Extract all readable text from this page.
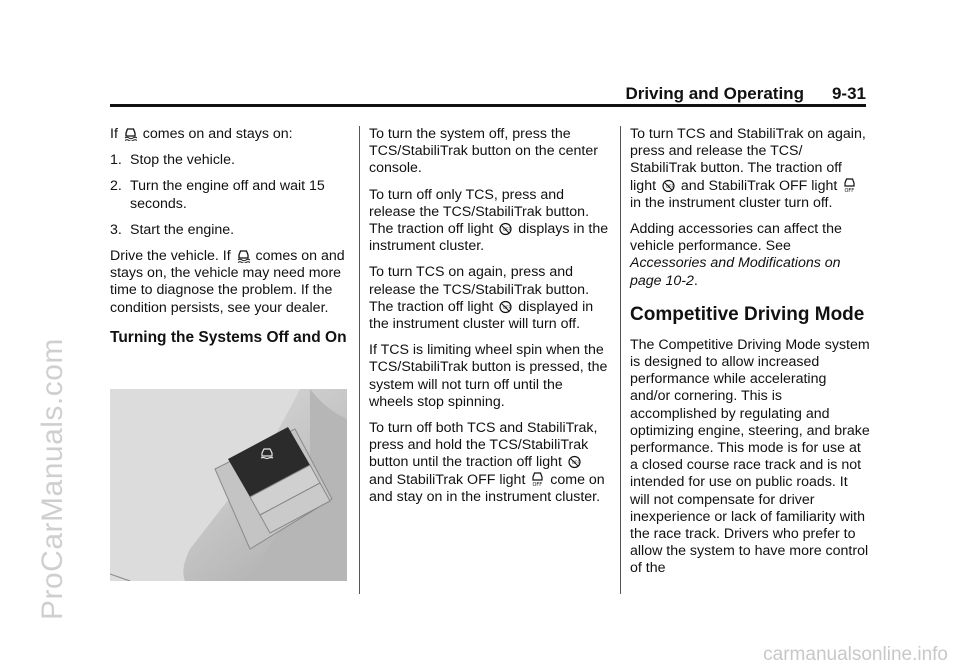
ProCarManuals.com
Driving and Operating 9-31

If  comes on and stays on:

1. Stop the vehicle.
2. Turn the engine off and wait 15 seconds.
3. Start the engine.

Drive the vehicle. If  comes on and stays on, the vehicle may need more time to diagnose the problem. If the condition persists, see your dealer.

Turning the Systems Off and On

To turn the system off, press the TCS/StabiliTrak button on the center console.

To turn off only TCS, press and release the TCS/StabiliTrak button. The traction off light OFF displays in the instrument cluster.

To turn TCS on again, press and release the TCS/StabiliTrak button. The traction off light OFF displayed in the instrument cluster will turn off.

If TCS is limiting wheel spin when the TCS/StabiliTrak button is pressed, the system will not turn off until the wheels stop spinning.

To turn off both TCS and StabiliTrak, press and hold the TCS/StabiliTrak button until the traction off light OFF
and StabiliTrak OFF light OFF come on and stay on in the instrument cluster.

To turn TCS and StabiliTrak on again, press and release the TCS/ StabiliTrak button. The traction off light OFF and StabiliTrak OFF light OFF
in the instrument cluster turn off.

Adding accessories can affect the vehicle performance. See Accessories and Modifications on page 10-2.

Competitive Driving Mode

The Competitive Driving Mode system is designed to allow increased performance while accelerating and/or cornering. This is accomplished by regulating and optimizing engine, steering, and brake performance. This mode is for use at a closed course race track and is not intended for use on public roads. It will not compensate for driver inexperience or lack of familiarity with the race track. Drivers who prefer to allow the system to have more control of the

carmanualsonline.info
